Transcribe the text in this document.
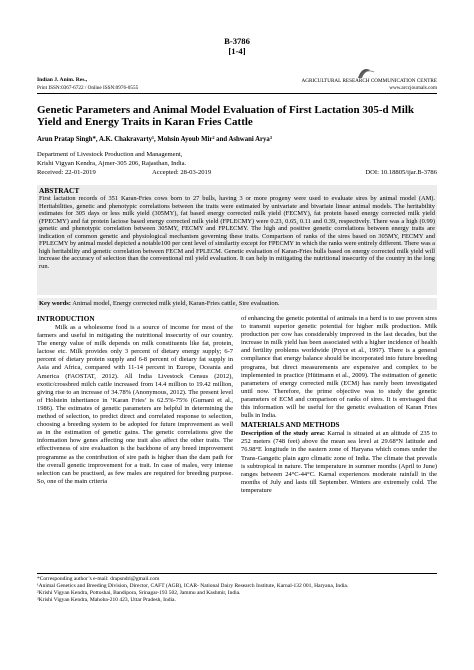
B-3786
[1-4]
Indian J. Anim. Res.,
Print ISSN:0367-6722 / Online ISSN:0976-0555
AGRICULTURAL RESEARCH COMMUNICATION CENTRE
www.arccjournals.com
Genetic Parameters and Animal Model Evaluation of First Lactation 305-d Milk Yield and Energy Traits in Karan Fries Cattle
Arun Pratap Singh*, A.K. Chakravarty¹, Mohsin Ayoub Mir² and Ashwani Arya³
Department of Livestock Production and Management,
Krishi Vigyan Kendra, Ajmer-305 206, Rajasthan, India.
Received: 22-01-2019	Accepted: 28-03-2019	DOI: 10.18805/ijar.B-3786
ABSTRACT
First lactation records of 351 Karan-Fries cows born to 27 bulls, having 3 or more progeny were used to evaluate sires by animal model (AM). Heritabilities, genetic and phenotypic correlations between the traits were estimated by univariate and bivariate linear animal models. The heritability estimates for 305 days or less milk yield (305MY), fat based energy corrected milk yield (FECMY), fat protein based energy corrected milk yield (FPECMY) and fat protein lactose based energy corrected milk yield (FPLECMY) were 0.23, 0.65, 0.11 and 0.39, respectively. There was a high (0.99) genetic and phenotypic correlation between 305MY, FECMY and FPLECMY. The high and positive genetic correlations between energy traits are indication of common genetic and physiological mechanism governing these traits. Comparison of ranks of the sires based on 305MY, FECMY and FPLECMY by animal model depicted a notable100 per cent level of similarity except for FPECMY in which the ranks were entirely different. There was a high heritability and genetic correlation between FECM and FPLECM. Genetic evaluation of Karan-Fries bulls based on energy corrected milk yield will increase the accuracy of selection than the conventional mil yield evaluation. It can help in mitigating the nutritional insecurity of the country in the long run.
Key words: Animal model, Energy corrected milk yield, Karan-Fries cattle, Sire evaluation.
INTRODUCTION

Milk as a wholesome food is a source of income for most of the farmers and useful in mitigating the nutritional insecurity of our country. The energy value of milk depends on milk constituents like fat, protein, lactose etc. Milk provides only 3 percent of dietary energy supply; 6-7 percent of dietary protein supply and 6-8 percent of dietary fat supply in Asia and Africa, compared with 11-14 percent in Europe, Oceania and America (FAOSTAT, 2012). All India Livestock Census (2012), exotic/crossbred milch cattle increased from 14.4 million to 19.42 million, giving rise to an increase of 34.78% (Anonymous, 2012). The present level of Holstein inheritance in ‘Karan Fries’ is 62.5%-75% (Gurnani et al., 1986). The estimates of genetic parameters are helpful in determining the method of selection, to predict direct and correlated response to selection, choosing a breeding system to be adopted for future improvement as well as in the estimation of genetic gains. The genetic correlations give the information how genes affecting one trait also affect the other traits. The effectiveness of sire evaluation is the backbone of any breed improvement programme as the contribution of sire path is higher than the dam path for the overall genetic improvement for a trait. In case of males, very intense selection can be practised, as few males are required for breeding purpose. So, one of the main criteria

of enhancing the genetic potential of animals in a herd is to use proven sires to transmit superior genetic potential for higher milk production. Milk production per cow has considerably improved in the last decades, but the increase in milk yield has been associated with a higher incidence of health and fertility problems worldwide (Pryce et al., 1997). There is a general compliance that energy balance should be incorporated into future breeding programs, but direct measurements are expensive and complex to be implemented in practice (Hüttmann et al., 2009). The estimation of genetic parameters of energy corrected milk (ECM) has rarely been investigated until now. Therefore, the prime objective was to study the genetic parameters of ECM and comparison of ranks of sires. It is envisaged that this information will be useful for the genetic evaluation of Karan Fries bulls in India.

MATERIALS AND METHODS

Description of the study area: Karnal is situated at an altitude of 235 to 252 meters (748 feet) above the mean sea level at 29.68°N latitude and 76.98°E longitude in the eastern zone of Haryana which comes under the Trans-Gangetic plain agro climatic zone of India. The climate that prevails is subtropical in nature. The temperature in summer months (April to June) ranges between 24°C-44°C. Karnal experiences moderate rainfall in the months of July and lasts till September. Winters are extremely cold. The temperature

*Corresponding author’s e-mail: drapsndri@gmail.com
¹Animal Genetics and Breeding Division, Director, CAFT (AGB), ICAR- National Dairy Research Institute, Karnal-132 001, Haryana, India.
²Krishi Vigyan Kendra, Pottoshai, Bandipora, Srinagar-193 502, Jammu and Kashmir, India.
³Krishi Vigyan Kendra, Mahoba-210 423, Uttar Pradesh, India.
